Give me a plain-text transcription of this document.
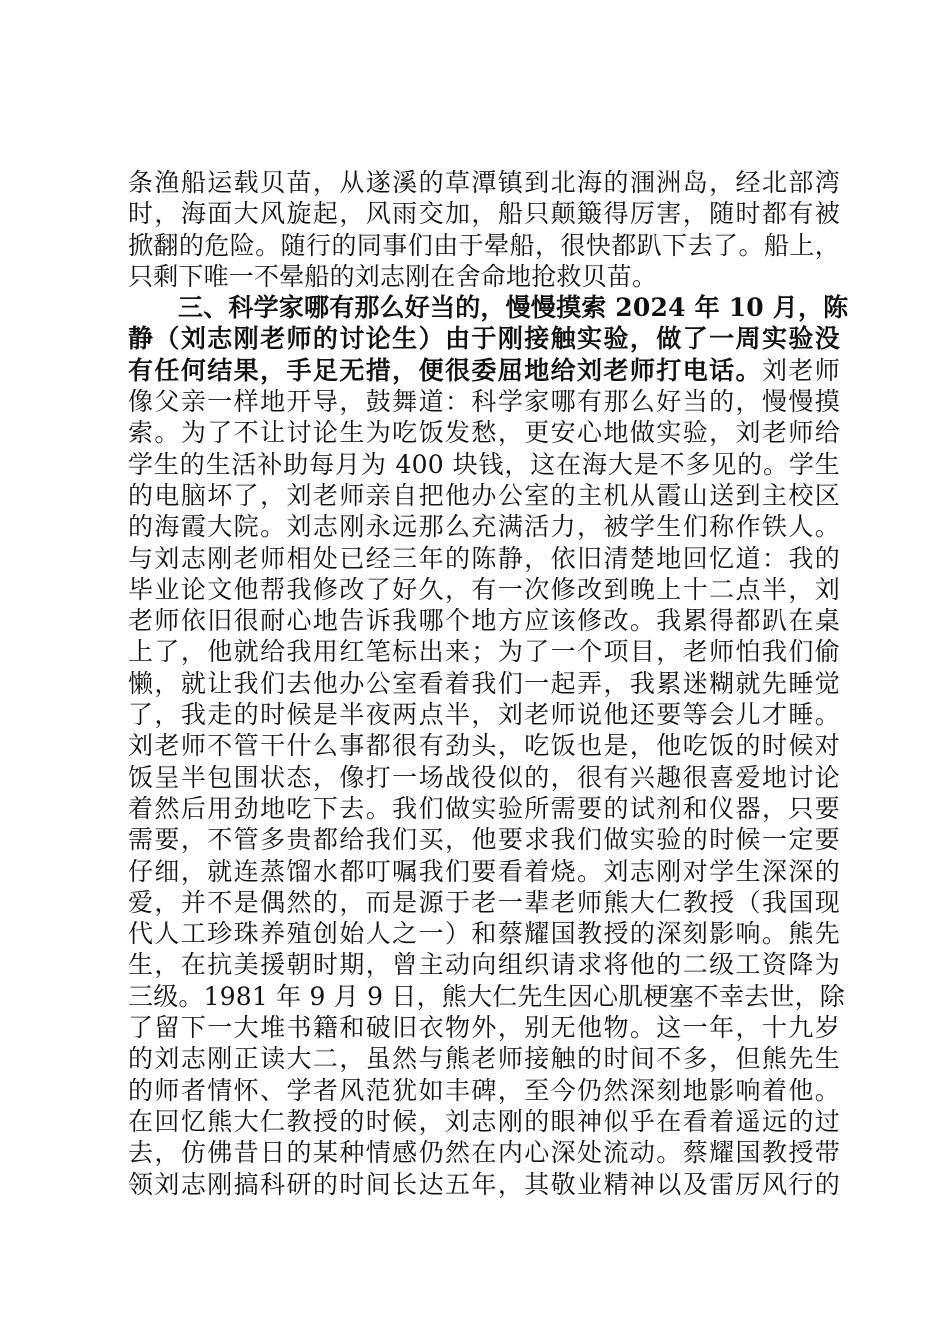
条渔船运载贝苗，从遂溪的草潭镇到北海的涠洲岛，经北部湾
时，海面大风旋起，风雨交加，船只颠簸得厉害，随时都有被
掀翻的危险。随行的同事们由于晕船，很快都趴下去了。船上，
只剩下唯一不晕船的刘志刚在舍命地抢救贝苗。
三、科学家哪有那么好当的，慢慢摸索 2024 年 10 月，陈
静（刘志刚老师的讨论生）由于刚接触实验，做了一周实验没
有任何结果，手足无措，便很委屈地给刘老师打电话。刘老师
像父亲一样地开导，鼓舞道：科学家哪有那么好当的，慢慢摸
索。为了不让讨论生为吃饭发愁，更安心地做实验，刘老师给
学生的生活补助每月为 400 块钱，这在海大是不多见的。学生
的电脑坏了，刘老师亲自把他办公室的主机从霞山送到主校区
的海霞大院。刘志刚永远那么充满活力，被学生们称作铁人。
与刘志刚老师相处已经三年的陈静，依旧清楚地回忆道：我的
毕业论文他帮我修改了好久，有一次修改到晚上十二点半，刘
老师依旧很耐心地告诉我哪个地方应该修改。我累得都趴在桌
上了，他就给我用红笔标出来；为了一个项目，老师怕我们偷
懒，就让我们去他办公室看着我们一起弄，我累迷糊就先睡觉
了，我走的时候是半夜两点半，刘老师说他还要等会儿才睡。
刘老师不管干什么事都很有劲头，吃饭也是，他吃饭的时候对
饭呈半包围状态，像打一场战役似的，很有兴趣很喜爱地讨论
着然后用劲地吃下去。我们做实验所需要的试剂和仪器，只要
需要，不管多贵都给我们买，他要求我们做实验的时候一定要
仔细，就连蒸馏水都叮嘱我们要看着烧。刘志刚对学生深深的
爱，并不是偶然的，而是源于老一辈老师熊大仁教授（我国现
代人工珍珠养殖创始人之一）和蔡耀国教授的深刻影响。熊先
生，在抗美援朝时期，曾主动向组织请求将他的二级工资降为
三级。1981 年 9 月 9 日，熊大仁先生因心肌梗塞不幸去世，除
了留下一大堆书籍和破旧衣物外，别无他物。这一年，十九岁
的刘志刚正读大二，虽然与熊老师接触的时间不多，但熊先生
的师者情怀、学者风范犹如丰碑，至今仍然深刻地影响着他。
在回忆熊大仁教授的时候，刘志刚的眼神似乎在看着遥远的过
去，仿佛昔日的某种情感仍然在内心深处流动。蔡耀国教授带
领刘志刚搞科研的时间长达五年，其敬业精神以及雷厉风行的
